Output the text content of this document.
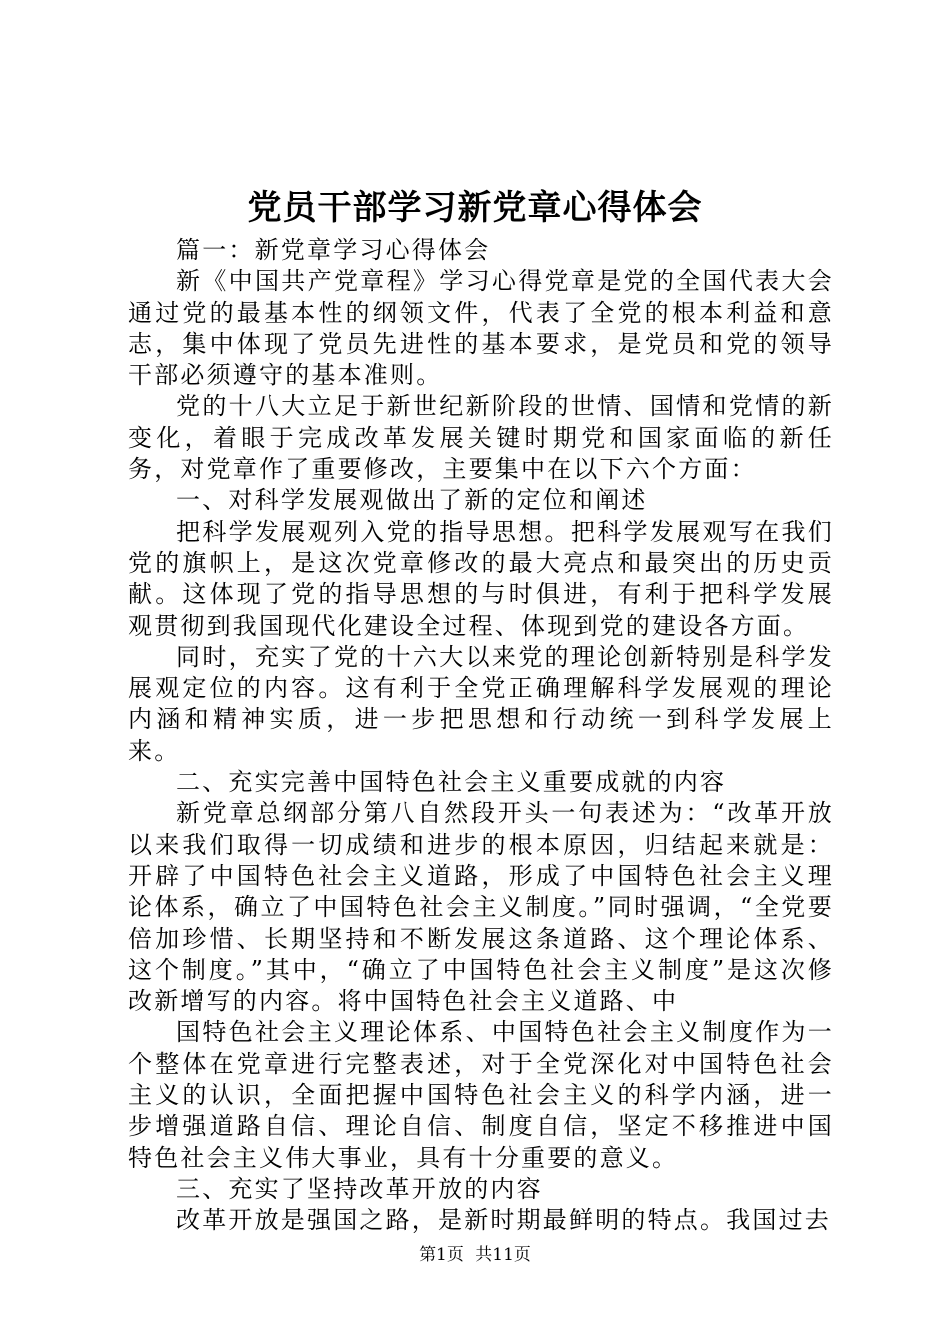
党员干部学习新党章心得体会

篇一：新党章学习心得体会

新《中国共产党章程》学习心得党章是党的全国代表大会通过党的最基本性的纲领文件，代表了全党的根本利益和意志，集中体现了党员先进性的基本要求，是党员和党的领导干部必须遵守的基本准则。

党的十八大立足于新世纪新阶段的世情、国情和党情的新变化，着眼于完成改革发展关键时期党和国家面临的新任务，对党章作了重要修改，主要集中在以下六个方面：

一、对科学发展观做出了新的定位和阐述

把科学发展观列入党的指导思想。把科学发展观写在我们党的旗帜上，是这次党章修改的最大亮点和最突出的历史贡献。这体现了党的指导思想的与时俱进，有利于把科学发展观贯彻到我国现代化建设全过程、体现到党的建设各方面。

同时，充实了党的十六大以来党的理论创新特别是科学发展观定位的内容。这有利于全党正确理解科学发展观的理论内涵和精神实质，进一步把思想和行动统一到科学发展上来。

二、充实完善中国特色社会主义重要成就的内容

新党章总纲部分第八自然段开头一句表述为：“改革开放以来我们取得一切成绩和进步的根本原因，归结起来就是：开辟了中国特色社会主义道路，形成了中国特色社会主义理论体系，确立了中国特色社会主义制度。”同时强调，“全党要倍加珍惜、长期坚持和不断发展这条道路、这个理论体系、这个制度。”其中，“确立了中国特色社会主义制度”是这次修改新增写的内容。将中国特色社会主义道路、中

国特色社会主义理论体系、中国特色社会主义制度作为一个整体在党章进行完整表述，对于全党深化对中国特色社会主义的认识，全面把握中国特色社会主义的科学内涵，进一步增强道路自信、理论自信、制度自信，坚定不移推进中国特色社会主义伟大事业，具有十分重要的意义。

三、充实了坚持改革开放的内容

改革开放是强国之路，是新时期最鲜明的特点。我国过去

第1页 共11页
